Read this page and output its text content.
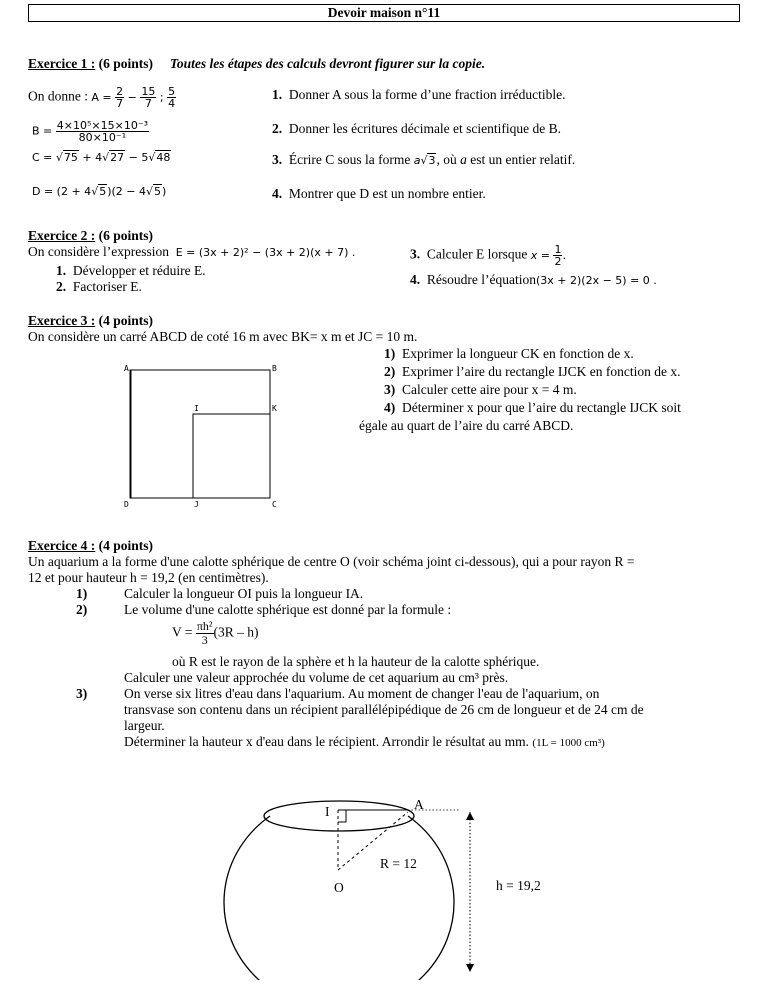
Devoir maison n°11
Exercice 1 : (6 points) Toutes les étapes des calculs devront figurer sur la copie.
On donne : $A = \frac{2}{7} - \frac{15}{7}$ ; $\frac{5}{4}$
$B = \frac{\text{4×10⁵×15×10⁻³}}{\text{80×10⁻¹}}$
C = √75 + 4√27 − 5√48
D = (2 + 4√5)(2 − 4√5)
1. Donner A sous la forme d’une fraction irréductible.
2. Donner les écritures décimale et scientifique de B.
3. Écrire C sous la forme a√3, où a est un entier relatif.
4. Montrer que D est un nombre entier.
Exercice 2 : (6 points)
On considère l’expression E = (3x + 2)² − (3x + 2)(x + 7) .
1. Développer et réduire E.
2. Factoriser E.
3. Calculer E lorsque $x = \frac{1}{2}$ .
4. Résoudre l’équation(3x + 2)(2x − 5) = 0 .
Exercice 3 : (4 points)
On considère un carré ABCD de coté 16 m avec BK= x m et JC = 10 m.
A	B
D	C
I
J
K
1) Exprimer la longueur CK en fonction de x.
2) Exprimer l’aire du rectangle IJCK en fonction de x.
3) Calculer cette aire pour x = 4 m.
4) Déterminer x pour que l’aire du rectangle IJCK soit
égale au quart de l’aire du carré ABCD.
Exercice 4 : (4 points)
Un aquarium a la forme d'une calotte sphérique de centre O (voir schéma joint ci-dessous), qui a pour rayon R =
12 et pour hauteur h = 19,2 (en centimètres).
1)	Calculer la longueur OI puis la longueur IA.
2)	Le volume d'une calotte sphérique est donné par la formule :
$V = \frac{\text{πh²}}{3} (3R - h)$
où R est le rayon de la sphère et h la hauteur de la calotte sphérique.
Calculer une valeur approchée du volume de cet aquarium au cm³ près.
3)	On verse six litres d'eau dans l'aquarium. Au moment de changer l'eau de l'aquarium, on
transvase son contenu dans un récipient parallélépipédique de 26 cm de longueur et de 24 cm de
largeur.
Déterminer la hauteur x d'eau dans le récipient. Arrondir le résultat au mm. (1L = 1000 cm³)
I	A
O
R = 12
h = 19,2
